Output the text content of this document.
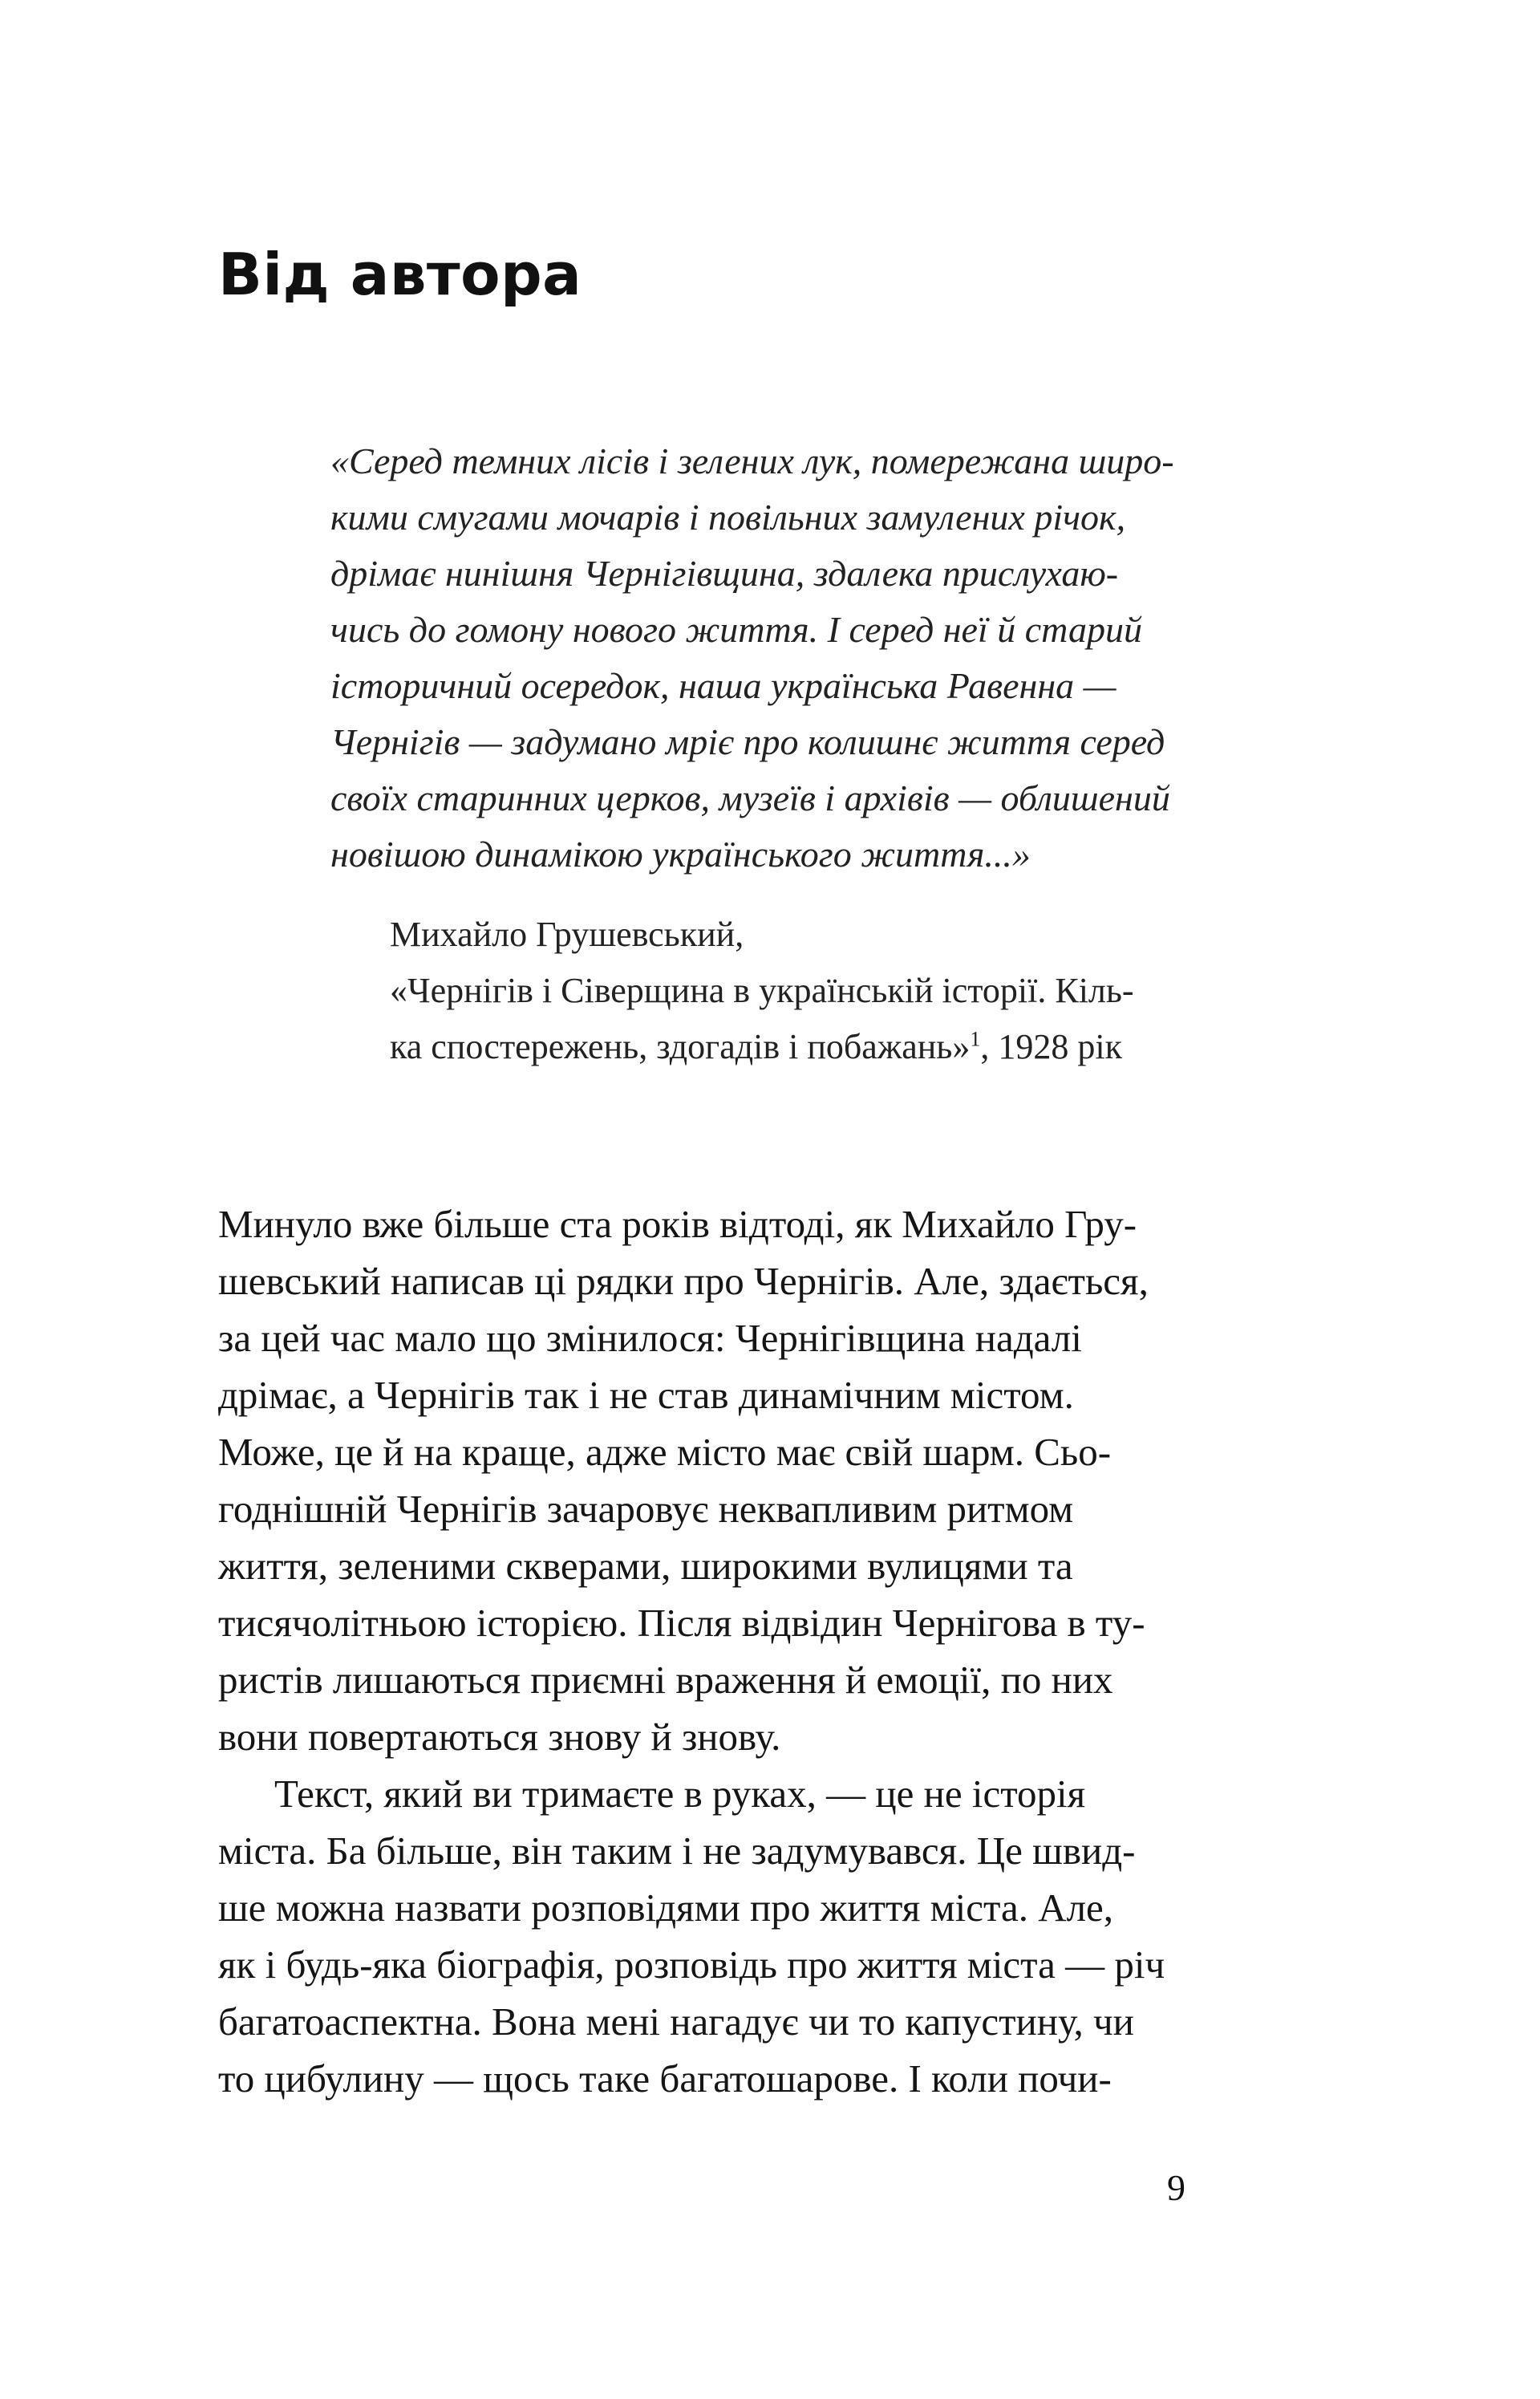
Від автора
«Серед темних лісів і зелених лук, помережана широ-
кими смугами мочарів і повільних замулених річок,
дрімає нинішня Чернігівщина, здалека прислухаю-
чись до гомону нового життя. І серед неї й старий
історичний осередок, наша українська Равенна —
Чернігів — задумано мріє про колишнє життя серед
своїх старинних церков, музеїв і архівів — облишений
новішою динамікою українського життя...»
Михайло Грушевський,
«Чернігів і Сіверщина в українській історії. Кіль-
ка спостережень, здогадів і побажань»$^1$, 1928 рік
Минуло вже більше ста років відтоді, як Михайло Гру-
шевський написав ці рядки про Чернігів. Але, здається,
за цей час мало що змінилося: Чернігівщина надалі
дрімає, а Чернігів так і не став динамічним містом.
Може, це й на краще, адже місто має свій шарм. Сьо-
годнішній Чернігів зачаровує неквапливим ритмом
життя, зеленими скверами, широкими вулицями та
тисячолітньою історією. Після відвідин Чернігова в ту-
ристів лишаються приємні враження й емоції, по них
вони повертаються знову й знову.
Текст, який ви тримаєте в руках, — це не історія
міста. Ба більше, він таким і не задумувався. Це швид-
ше можна назвати розповідями про життя міста. Але,
як і будь-яка біографія, розповідь про життя міста — річ
багатоаспектна. Вона мені нагадує чи то капустину, чи
то цибулину — щось таке багатошарове. І коли почи-
9
